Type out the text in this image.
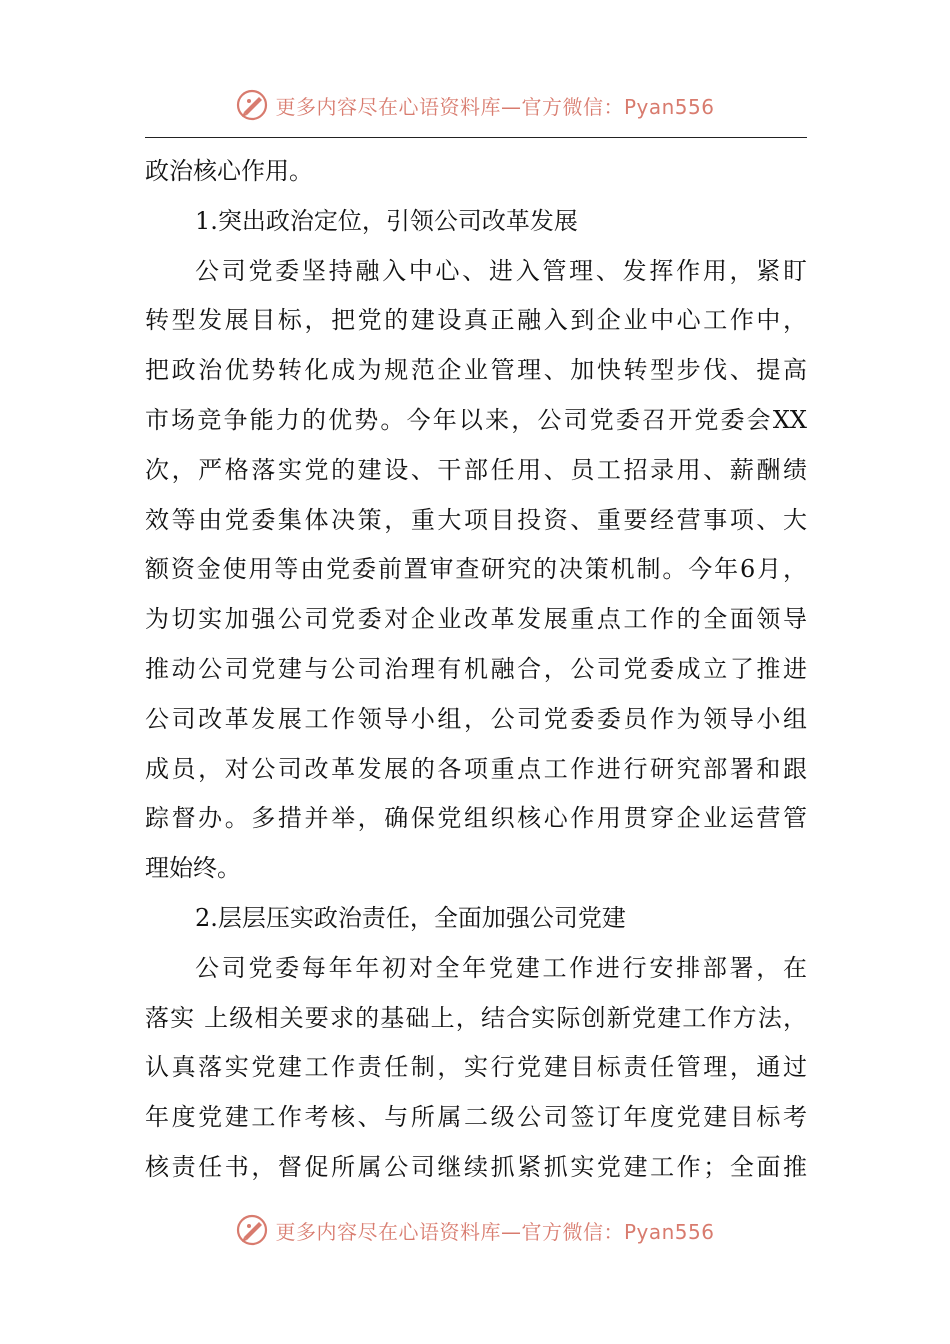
更多内容尽在心语资料库—官方微信：Pyan556
政治核心作用。
1.突出政治定位，引领公司改革发展
公司党委坚持融入中心、进入管理、发挥作用，紧盯
转型发展目标，把党的建设真正融入到企业中心工作中，
把政治优势转化成为规范企业管理、加快转型步伐、提高
市场竞争能力的优势。今年以来，公司党委召开党委会XX
次，严格落实党的建设、干部任用、员工招录用、薪酬绩
效等由党委集体决策，重大项目投资、重要经营事项、大
额资金使用等由党委前置审查研究的决策机制。今年6月，
为切实加强公司党委对企业改革发展重点工作的全面领导
推动公司党建与公司治理有机融合，公司党委成立了推进
公司改革发展工作领导小组，公司党委委员作为领导小组
成员，对公司改革发展的各项重点工作进行研究部署和跟
踪督办。多措并举，确保党组织核心作用贯穿企业运营管
理始终。
2.层层压实政治责任，全面加强公司党建
公司党委每年年初对全年党建工作进行安排部署，在
落实 上级相关要求的基础上，结合实际创新党建工作方法，
认真落实党建工作责任制，实行党建目标责任管理，通过
年度党建工作考核、与所属二级公司签订年度党建目标考
核责任书，督促所属公司继续抓紧抓实党建工作；全面推
更多内容尽在心语资料库—官方微信：Pyan556
